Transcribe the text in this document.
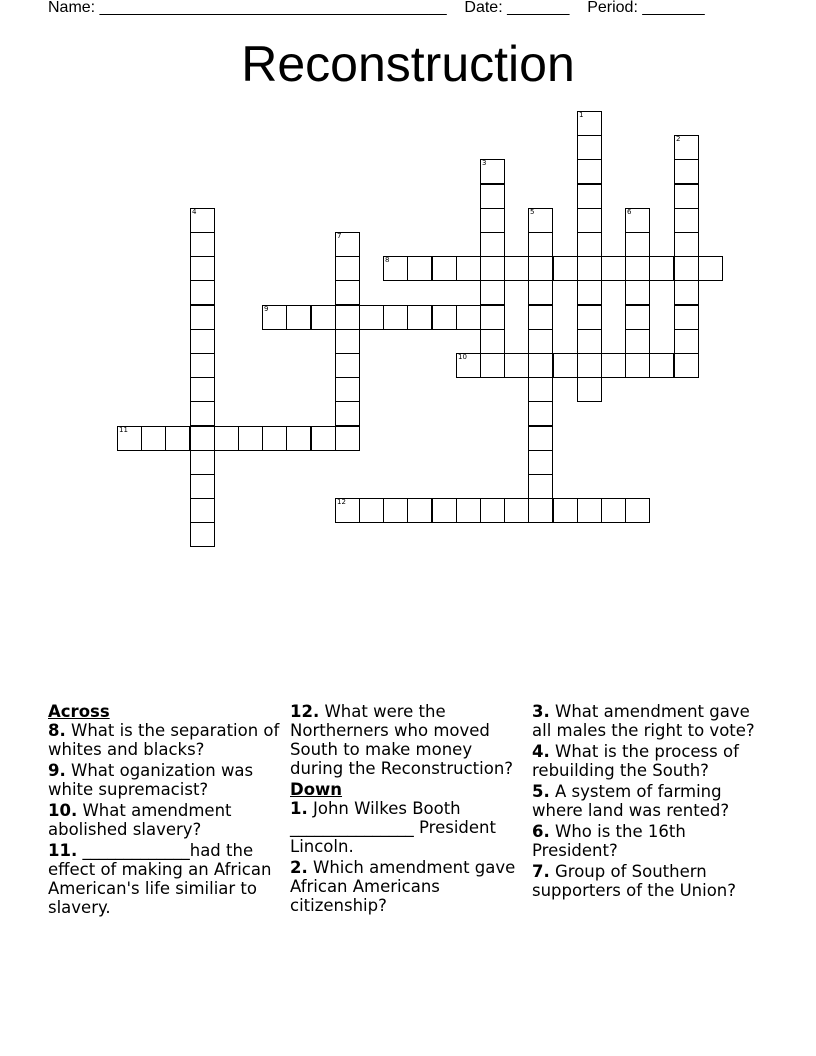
Name: _______________________________________ Date: _______ Period: _______
Reconstruction
1
2
3
4	5	6
7
8
9
10
11
12

Across

8. What is the separation of whites and blacks?

9. What oganization was white supremacist?

10. What amendment abolished slavery?

11. _____________had the effect of making an African American's life similiar to slavery.

12. What were the Northerners who moved South to make money during the Reconstruction?

Down

1. John Wilkes Booth _______________ President Lincoln.

2. Which amendment gave African Americans citizenship?

3. What amendment gave all males the right to vote?

4. What is the process of rebuilding the South?

5. A system of farming where land was rented?

6. Who is the 16th President?

7. Group of Southern supporters of the Union?
